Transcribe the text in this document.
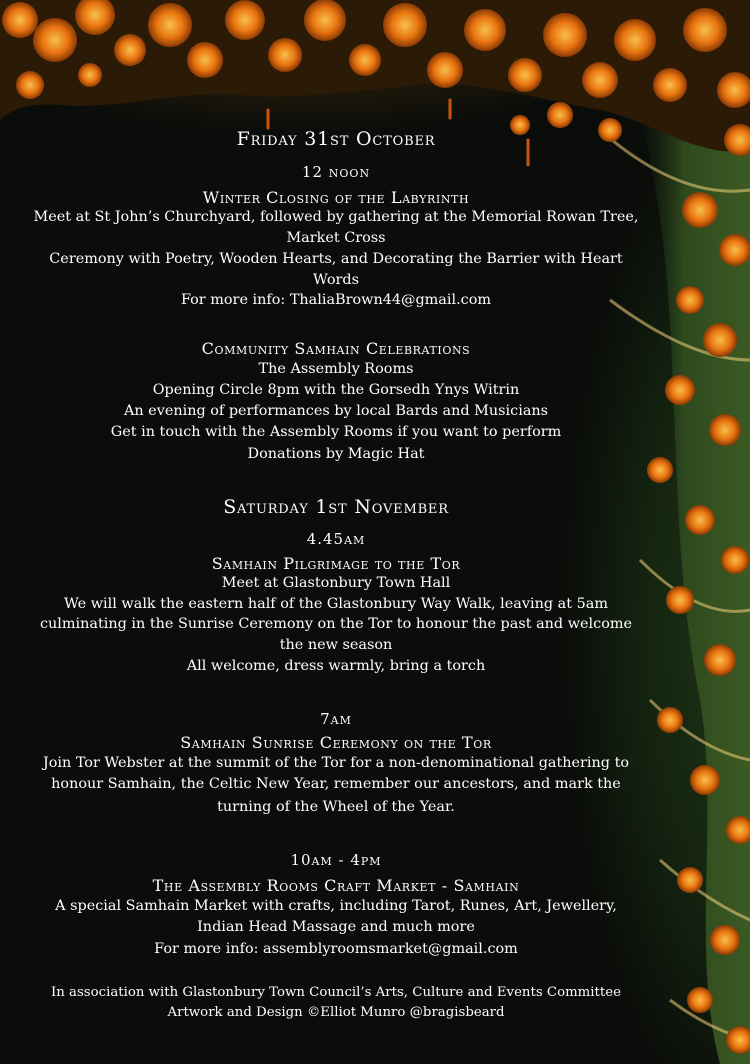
Friday 31st October
12 noon
Winter Closing of the Labyrinth
Meet at St John’s Churchyard, followed by gathering at the Memorial Rowan Tree,
Market Cross
Ceremony with Poetry, Wooden Hearts, and Decorating the Barrier with Heart
Words
For more info: ThaliaBrown44@gmail.com
Community Samhain Celebrations
The Assembly Rooms
Opening Circle 8pm with the Gorsedh Ynys Witrin
An evening of performances by local Bards and Musicians
Get in touch with the Assembly Rooms if you want to perform
Donations by Magic Hat
Saturday 1st November
4.45am
Samhain Pilgrimage to the Tor
Meet at Glastonbury Town Hall
We will walk the eastern half of the Glastonbury Way Walk, leaving at 5am
culminating in the Sunrise Ceremony on the Tor to honour the past and welcome
the new season
All welcome, dress warmly, bring a torch
7am
Samhain Sunrise Ceremony on the Tor
Join Tor Webster at the summit of the Tor for a non-denominational gathering to
honour Samhain, the Celtic New Year, remember our ancestors, and mark the
turning of the Wheel of the Year.
10am - 4pm
The Assembly Rooms Craft Market - Samhain
A special Samhain Market with crafts, including Tarot, Runes, Art, Jewellery,
Indian Head Massage and much more
For more info: assemblyroomsmarket@gmail.com
In association with Glastonbury Town Council’s Arts, Culture and Events Committee
Artwork and Design ©Elliot Munro @bragisbeard
